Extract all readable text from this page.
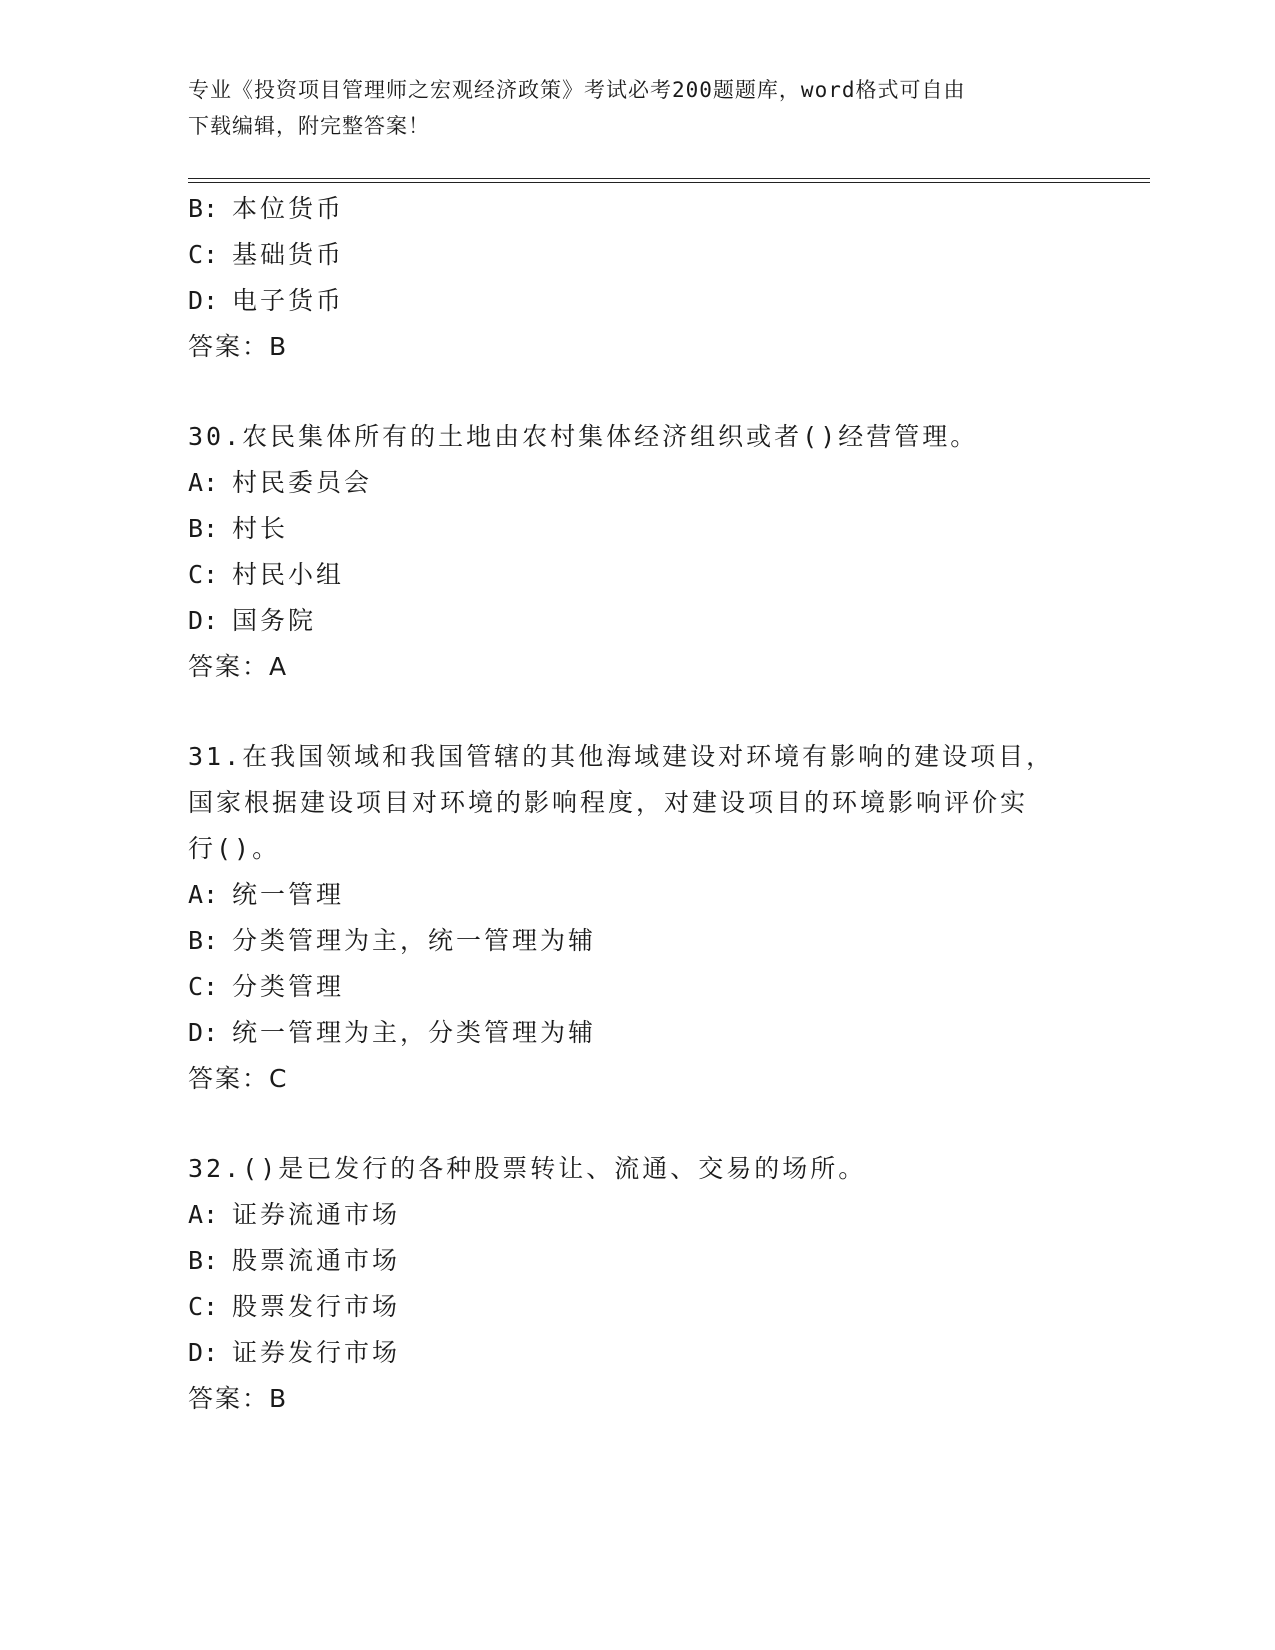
专业《投资项目管理师之宏观经济政策》考试必考200题题库，word格式可自由
下载编辑，附完整答案！
B: 本位货币
C: 基础货币
D: 电子货币
答案：B
30.农民集体所有的土地由农村集体经济组织或者()经营管理。
A: 村民委员会
B: 村长
C: 村民小组
D: 国务院
答案：A
31.在我国领域和我国管辖的其他海域建设对环境有影响的建设项目，
国家根据建设项目对环境的影响程度，对建设项目的环境影响评价实
行()。
A: 统一管理
B: 分类管理为主，统一管理为辅
C: 分类管理
D: 统一管理为主，分类管理为辅
答案：C
32.()是已发行的各种股票转让、流通、交易的场所。
A: 证券流通市场
B: 股票流通市场
C: 股票发行市场
D: 证券发行市场
答案：B
